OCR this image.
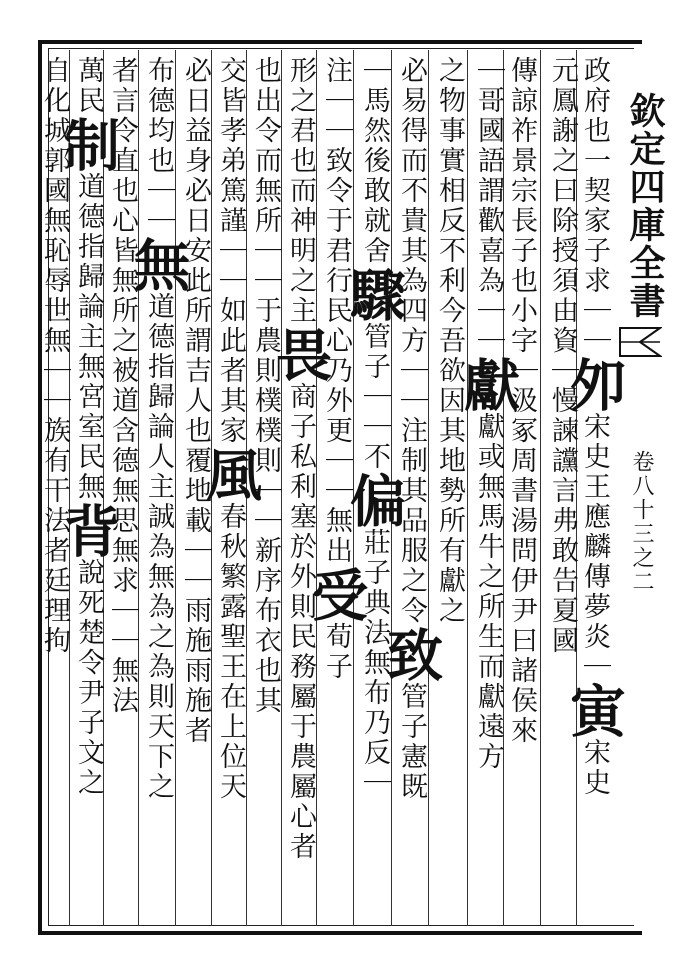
欽定四庫全書
卷八十三之二
政府也一契家子求｜｜夘宋史王應麟傳夢炎｜寅宋史
元鳳謝之曰除授須由資｜慢諫讜言弗敢告夏國
傳諒祚景宗長子也小字｜汲冢周書湯問伊尹曰諸侯來
｜哥國語謂歡喜為｜｜獻獻或無馬牛之所生而獻遠方
之物事實相反不利今吾欲因其地勢所有獻之
必易得而不貴其為四方｜｜注制其品服之令致管子憲既
｜馬然後敢就舍驟管子｜｜不偏莊子典法無布乃反｜
注｜｜致令于君行民心乃外更｜｜無出受荀子
形之君也而神明之主畏商子私利塞於外則民務屬于農屬心者
也出令而無所｜｜于農則樸樸則｜｜新序布衣也其
交皆孝弟篤謹｜｜如此者其家風春秋繁露聖王在上位天
必日益身必日安此所謂吉人也覆地載｜｜雨施雨施者
布德均也｜｜無道德指歸論人主誠為無為之為則天下之
者言令直也心皆無所之被道含德無思無求｜｜無法
萬民制道德指歸論主無宮室民無背說死楚令尹子文之
自化城郭國無恥辱世無｜｜族有干法者廷理拘
